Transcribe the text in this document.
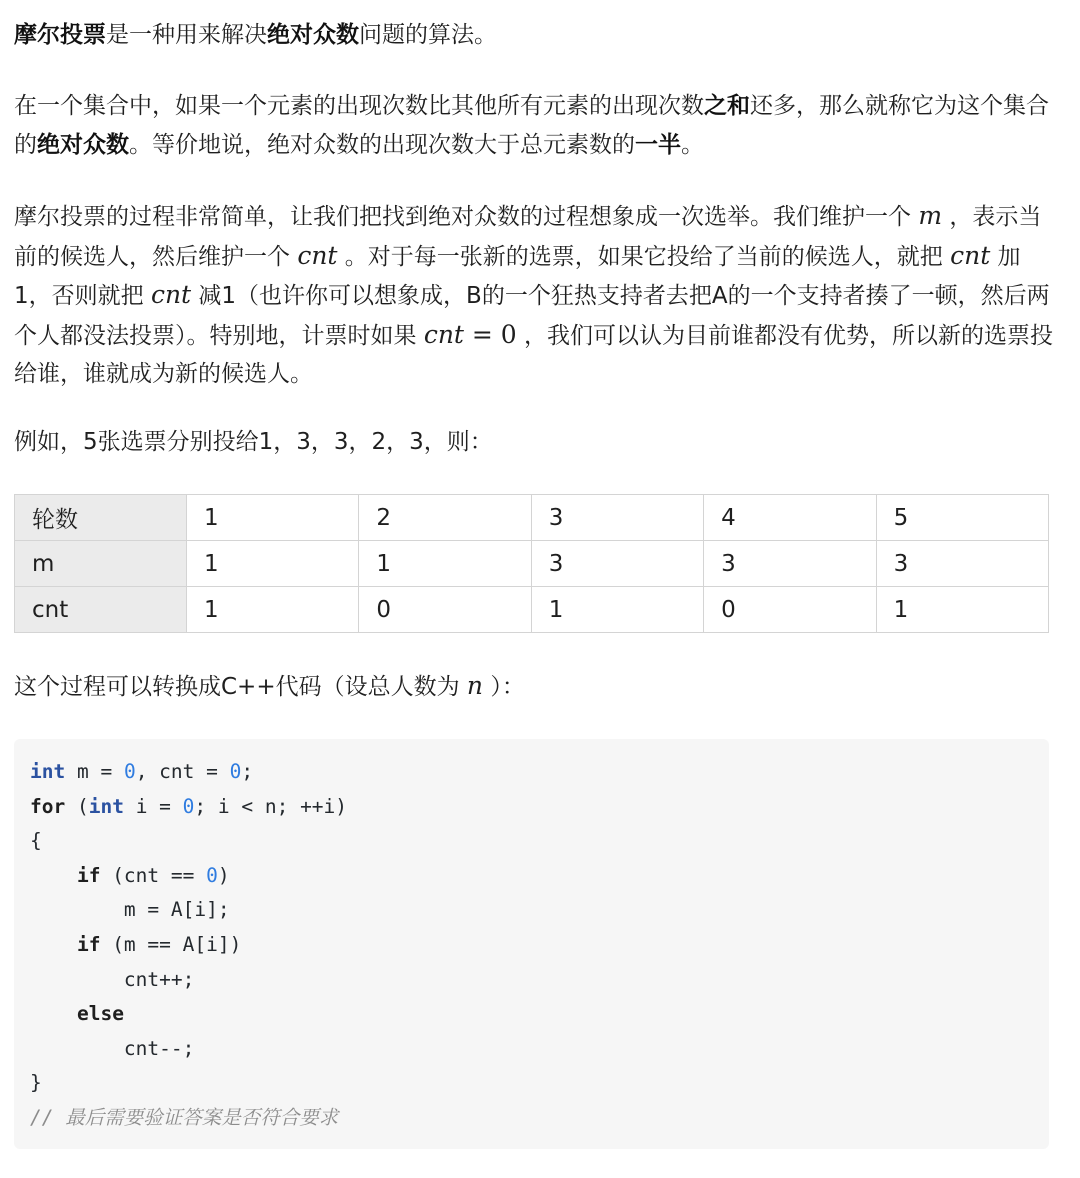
摩尔投票是一种用来解决绝对众数问题的算法。

在一个集合中，如果一个元素的出现次数比其他所有元素的出现次数之和还多，那么就称它为这个集合的绝对众数。等价地说，绝对众数的出现次数大于总元素数的一半。

摩尔投票的过程非常简单，让我们把找到绝对众数的过程想象成一次选举。我们维护一个 m ，表示当前的候选人，然后维护一个 cnt 。对于每一张新的选票，如果它投给了当前的候选人，就把 cnt 加1，否则就把 cnt 减1（也许你可以想象成，B的一个狂热支持者去把A的一个支持者揍了一顿，然后两个人都没法投票）。特别地，计票时如果 cnt = 0 ，我们可以认为目前谁都没有优势，所以新的选票投给谁，谁就成为新的候选人。

例如，5张选票分别投给1，3，3，2，3，则：

轮数	1	2	3	4	5
m	1	1	3	3	3
cnt	1	0	1	0	1

这个过程可以转换成C++代码（设总人数为 n ）：

int m = 0, cnt = 0;
for (int i = 0; i < n; ++i)
{
if (cnt == 0)
m = A[i];
if (m == A[i])
cnt++;
else
cnt--;
}
// 最后需要验证答案是否符合要求
